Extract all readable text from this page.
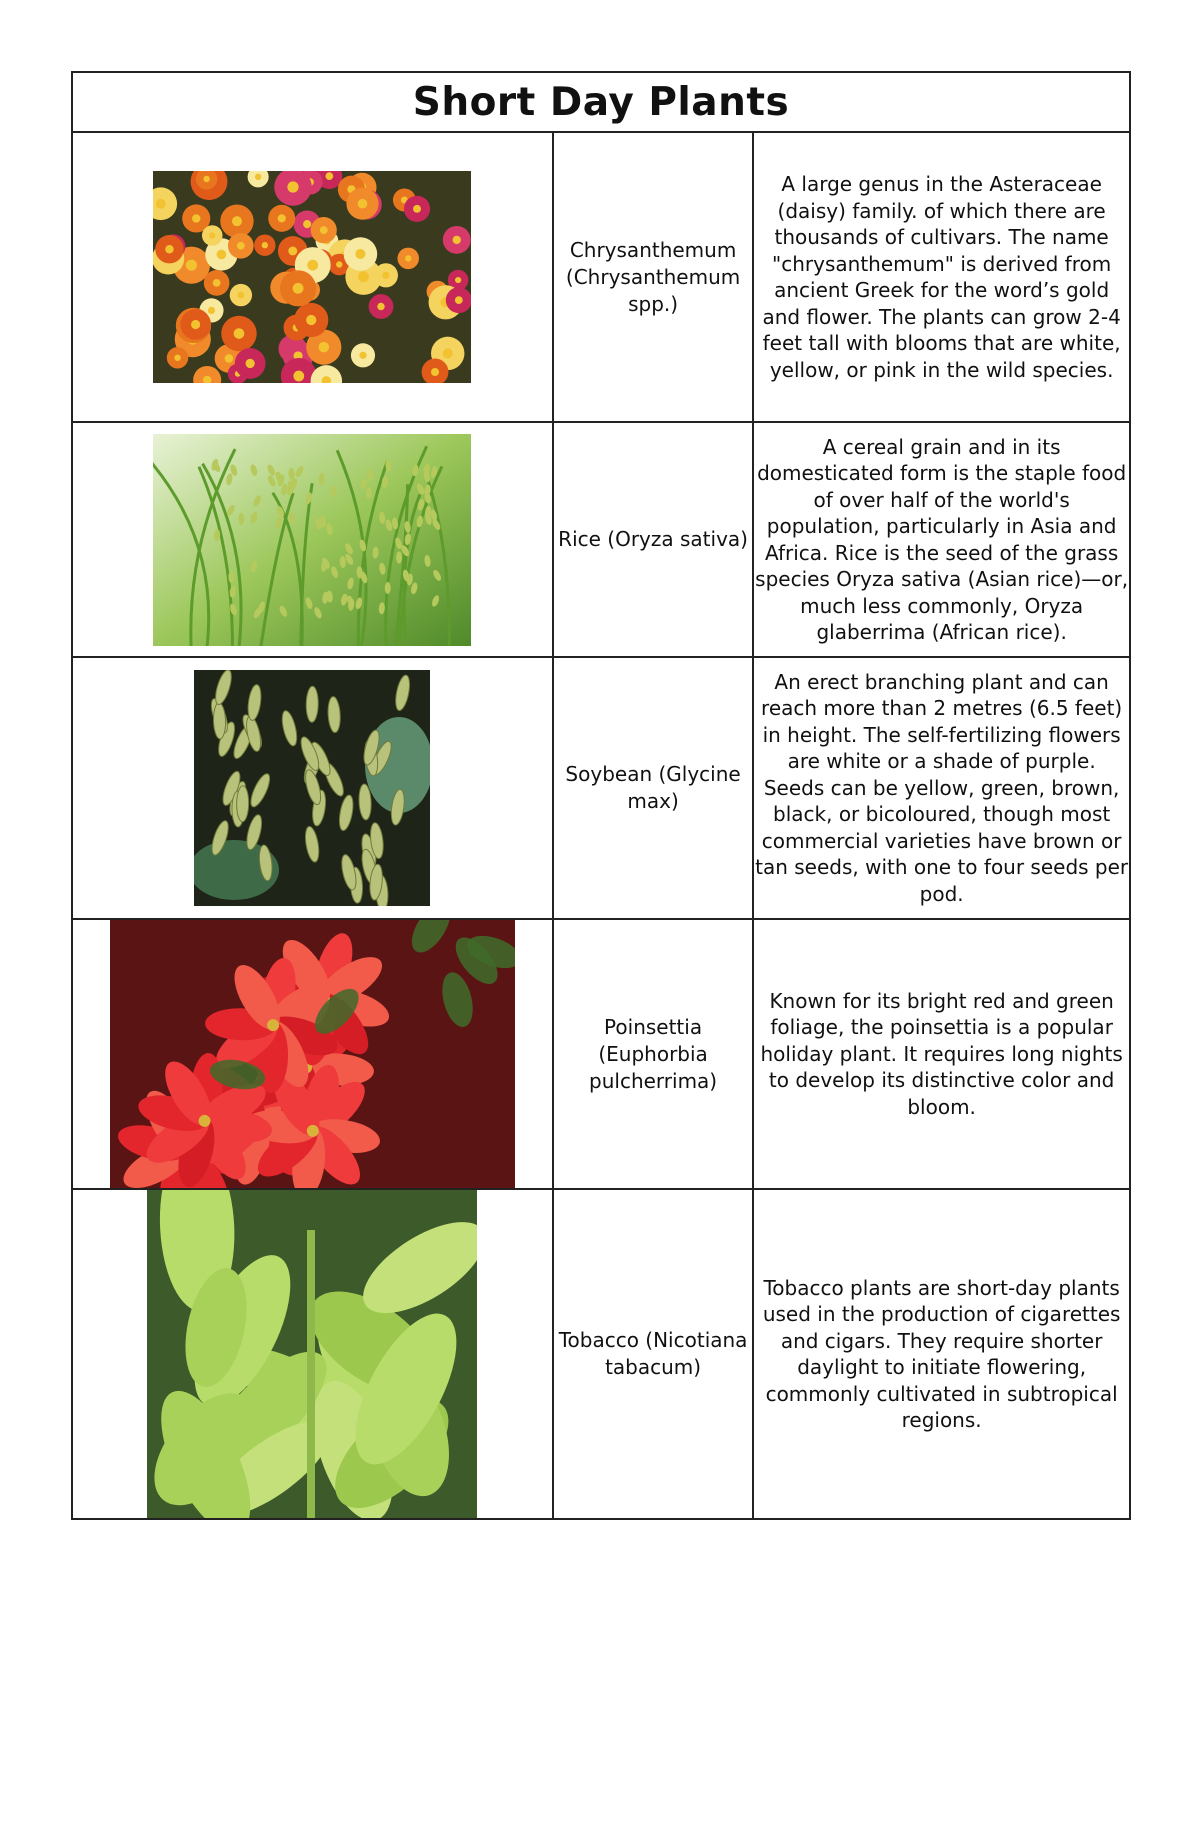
Short Day Plants		

	Chrysanthemum (Chrysanthemum spp.)	A large genus in the Asteraceae (daisy) family. of which there are thousands of cultivars. The name "chrysanthemum" is derived from ancient Greek for the word’s gold and flower. The plants can grow 2-4 feet tall with blooms that are white, yellow, or pink in the wild species.

	Rice (Oryza sativa)	A cereal grain and in its domesticated form is the staple food of over half of the world's population, particularly in Asia and Africa. Rice is the seed of the grass species Oryza sativa (Asian rice)—or, much less commonly, Oryza glaberrima (African rice).

	Soybean (Glycine max)	An erect branching plant and can reach more than 2 metres (6.5 feet) in height. The self-fertilizing flowers are white or a shade of purple. Seeds can be yellow, green, brown, black, or bicoloured, though most commercial varieties have brown or tan seeds, with one to four seeds per pod.

	Poinsettia (Euphorbia pulcherrima)	Known for its bright red and green foliage, the poinsettia is a popular holiday plant. It requires long nights to develop its distinctive color and bloom.

	Tobacco (Nicotiana tabacum)	Tobacco plants are short-day plants used in the production of cigarettes and cigars. They require shorter daylight to initiate flowering, commonly cultivated in subtropical regions.
